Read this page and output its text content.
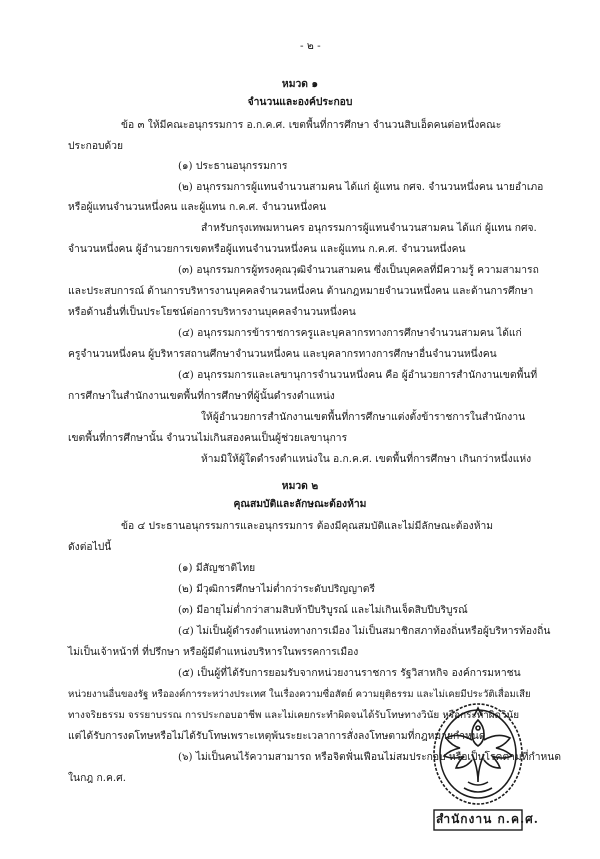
- ๒ -
หมวด ๑
จำนวนและองค์ประกอบ
ข้อ ๓ ให้มีคณะอนุกรรมการ อ.ก.ค.ศ. เขตพื้นที่การศึกษา จำนวนสิบเอ็ดคนต่อหนึ่งคณะ
ประกอบด้วย
(๑) ประธานอนุกรรมการ
(๒) อนุกรรมการผู้แทนจำนวนสามคน ได้แก่ ผู้แทน กศจ. จำนวนหนึ่งคน นายอำเภอ
หรือผู้แทนจำนวนหนึ่งคน และผู้แทน ก.ค.ศ. จำนวนหนึ่งคน
สำหรับกรุงเทพมหานคร อนุกรรมการผู้แทนจำนวนสามคน ได้แก่ ผู้แทน กศจ.
จำนวนหนึ่งคน ผู้อำนวยการเขตหรือผู้แทนจำนวนหนึ่งคน และผู้แทน ก.ค.ศ. จำนวนหนึ่งคน
(๓) อนุกรรมการผู้ทรงคุณวุฒิจำนวนสามคน ซึ่งเป็นบุคคลที่มีความรู้ ความสามารถ
และประสบการณ์ ด้านการบริหารงานบุคคลจำนวนหนึ่งคน ด้านกฎหมายจำนวนหนึ่งคน และด้านการศึกษา
หรือด้านอื่นที่เป็นประโยชน์ต่อการบริหารงานบุคคลจำนวนหนึ่งคน
(๔) อนุกรรมการข้าราชการครูและบุคลากรทางการศึกษาจำนวนสามคน ได้แก่
ครูจำนวนหนึ่งคน ผู้บริหารสถานศึกษาจำนวนหนึ่งคน และบุคลากรทางการศึกษาอื่นจำนวนหนึ่งคน
(๕) อนุกรรมการและเลขานุการจำนวนหนึ่งคน คือ ผู้อำนวยการสำนักงานเขตพื้นที่
การศึกษาในสำนักงานเขตพื้นที่การศึกษาที่ผู้นั้นดำรงตำแหน่ง
ให้ผู้อำนวยการสำนักงานเขตพื้นที่การศึกษาแต่งตั้งข้าราชการในสำนักงาน
เขตพื้นที่การศึกษานั้น จำนวนไม่เกินสองคนเป็นผู้ช่วยเลขานุการ
ห้ามมิให้ผู้ใดดำรงตำแหน่งใน อ.ก.ค.ศ. เขตพื้นที่การศึกษา เกินกว่าหนึ่งแห่ง
หมวด ๒
คุณสมบัติและลักษณะต้องห้าม
ข้อ ๔ ประธานอนุกรรมการและอนุกรรมการ ต้องมีคุณสมบัติและไม่มีลักษณะต้องห้าม
ดังต่อไปนี้
(๑) มีสัญชาติไทย
(๒) มีวุฒิการศึกษาไม่ต่ำกว่าระดับปริญญาตรี
(๓) มีอายุไม่ต่ำกว่าสามสิบห้าปีบริบูรณ์ และไม่เกินเจ็ดสิบปีบริบูรณ์
(๔) ไม่เป็นผู้ดำรงตำแหน่งทางการเมือง ไม่เป็นสมาชิกสภาท้องถิ่นหรือผู้บริหารท้องถิ่น
ไม่เป็นเจ้าหน้าที่ ที่ปรึกษา หรือผู้มีตำแหน่งบริหารในพรรคการเมือง
(๕) เป็นผู้ที่ได้รับการยอมรับจากหน่วยงานราชการ รัฐวิสาหกิจ องค์การมหาชน
หน่วยงานอื่นของรัฐ หรือองค์การระหว่างประเทศ ในเรื่องความซื่อสัตย์ ความยุติธรรม และไม่เคยมีประวัติเสื่อมเสีย
ทางจริยธรรม จรรยาบรรณ การประกอบอาชีพ และไม่เคยกระทำผิดจนได้รับโทษทางวินัย หรือกระทำผิดวินัย
แต่ได้รับการงดโทษหรือไม่ได้รับโทษเพราะเหตุพ้นระยะเวลาการสั่งลงโทษตามที่กฎหมายกำหนด
(๖) ไม่เป็นคนไร้ความสามารถ หรือจิตฟั่นเฟือนไม่สมประกอบ หรือเป็นโรคตามที่กำหนด
ในกฎ ก.ค.ศ.
สำนักงาน ก.ค.ศ.
